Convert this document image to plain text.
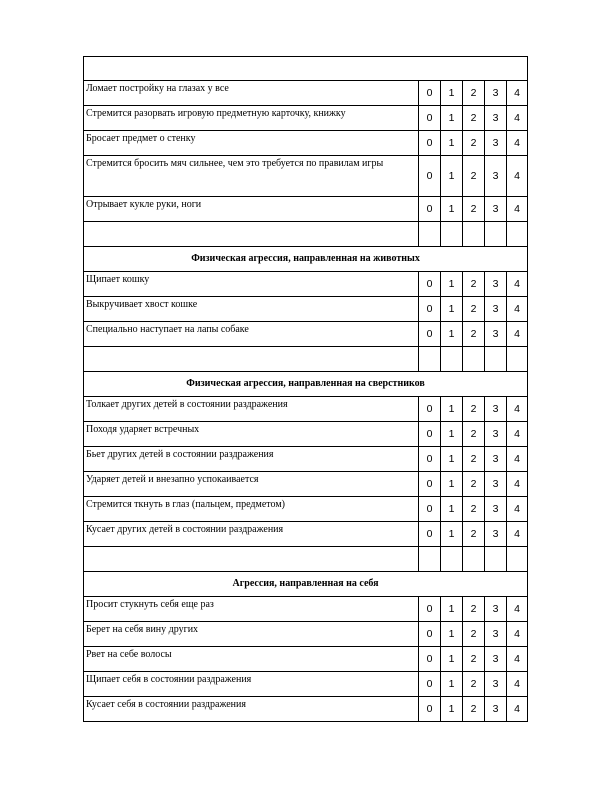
Ломает постройку на глазах у все	0	1	2	3	4
Стремится разорвать игровую предметную карточку, книжку	0	1	2	3	4
Бросает предмет о стенку	0	1	2	3	4
Стремится бросить мяч сильнее, чем это требуется по правилам игры	0	1	2	3	4
Отрывает кукле руки, ноги	0	1	2	3	4

Физическая агрессия, направленная на животных					
Щипает кошку	0	1	2	3	4
Выкручивает хвост кошке	0	1	2	3	4
Специально наступает на лапы собаке	0	1	2	3	4

Физическая агрессия, направленная на сверстников					
Толкает других детей в состоянии раздражения	0	1	2	3	4
Походя ударяет встречных	0	1	2	3	4
Бьет других детей в состоянии раздражения	0	1	2	3	4
Ударяет детей и внезапно успокаивается	0	1	2	3	4
Стремится ткнуть в глаз (пальцем, предметом)	0	1	2	3	4
Кусает других детей в состоянии раздражения	0	1	2	3	4

Агрессия, направленная на себя					
Просит стукнуть себя еще раз	0	1	2	3	4
Берет на себя вину других	0	1	2	3	4
Рвет на себе волосы	0	1	2	3	4
Щипает себя в состоянии раздражения	0	1	2	3	4
Кусает себя в состоянии раздражения	0	1	2	3	4
